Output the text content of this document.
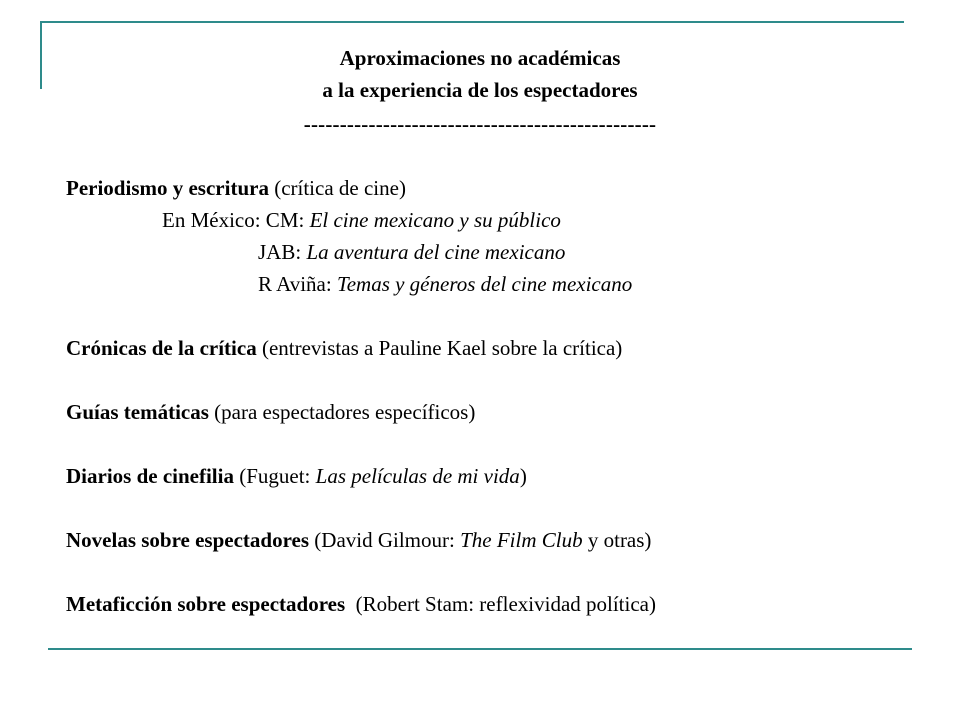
Aproximaciones no académicas
a la experiencia de los espectadores
-------------------------------------------------
Periodismo y escritura (crítica de cine)
En México: CM: El cine mexicano y su público
JAB: La aventura del cine mexicano
R Aviña: Temas y géneros del cine mexicano
Crónicas de la crítica (entrevistas a Pauline Kael sobre la crítica)
Guías temáticas (para espectadores específicos)
Diarios de cinefilia (Fuguet: Las películas de mi vida)
Novelas sobre espectadores (David Gilmour: The Film Club y otras)
Metaficción sobre espectadores  (Robert Stam: reflexividad política)
